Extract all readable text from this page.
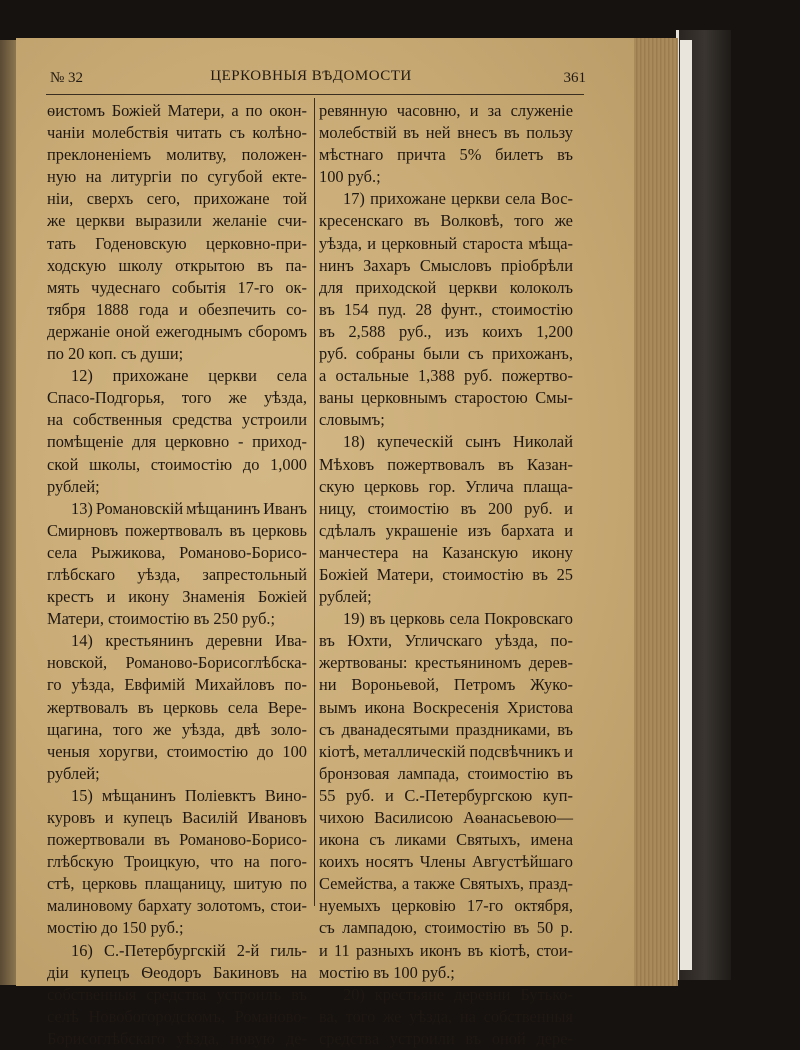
№ 32	ЦЕРКОВНЫЯ ВѢДОМОСТИ	361
ѳистомъ Божіей Матери, а по окон-
чаніи молебствія читать съ колѣно-
преклоненіемъ молитву, положен-
ную на литургіи по сугубой екте-
ніи, сверхъ сего, прихожане той
же церкви выразили желаніе счи-
тать Годеновскую церковно-при-
ходскую школу открытою въ па-
мять чудеснаго событія 17-го ок-
тября 1888 года и обезпечить со-
держаніе оной ежегоднымъ сборомъ
по 20 коп. съ души;
12) прихожане церкви села
Спасо-Подгорья, того же уѣзда,
на собственныя средства устроили
помѣщеніе для церковно - приход-
ской школы, стоимостію до 1,000
рублей;
13) Романовскій мѣщанинъ Иванъ
Смирновъ пожертвовалъ въ церковь
села Рыжикова, Романово-Борисо-
глѣбскаго уѣзда, запрестольный
крестъ и икону Знаменія Божіей
Матери, стоимостію въ 250 руб.;
14) крестьянинъ деревни Ива-
новской, Романово-Борисоглѣбска-
го уѣзда, Евфимій Михайловъ по-
жертвовалъ въ церковь села Вере-
щагина, того же уѣзда, двѣ золо-
ченыя хоругви, стоимостію до 100
рублей;
15) мѣщанинъ Поліевктъ Вино-
куровъ и купецъ Василій Ивановъ
пожертвовали въ Романово-Борисо-
глѣбскую Троицкую, что на пого-
стѣ, церковь плащаницу, шитую по
малиновому бархату золотомъ, стои-
мостію до 150 руб.;
16) С.-Петербургскій 2-й гиль-
діи купецъ Ѳеодоръ Бакиновъ на
собственныя средства устроилъ въ
селѣ Новобогородскомъ, Романово-
Борисоглѣбскаго уѣзда, новую де-
ревянную часовню, и за служеніе
молебствій въ ней внесъ въ пользу
мѣстнаго причта 5% билетъ въ
100 руб.;
17) прихожане церкви села Вос-
кресенскаго въ Волковѣ, того же
уѣзда, и церковный староста мѣща-
нинъ Захаръ Смысловъ пріобрѣли
для приходской церкви колоколъ
въ 154 пуд. 28 фунт., стоимостію
въ 2,588 руб., изъ коихъ 1,200
руб. собраны были съ прихожанъ,
а остальные 1,388 руб. пожертво-
ваны церковнымъ старостою Смы-
словымъ;
18) купеческій сынъ Николай
Мѣховъ пожертвовалъ въ Казан-
скую церковь гор. Углича плаща-
ницу, стоимостію въ 200 руб. и
сдѣлалъ украшеніе изъ бархата и
манчестера на Казанскую икону
Божіей Матери, стоимостію въ 25
рублей;
19) въ церковь села Покровскаго
въ Юхти, Угличскаго уѣзда, по-
жертвованы: крестьяниномъ дерев-
ни Вороньевой, Петромъ Жуко-
вымъ икона Воскресенія Христова
съ дванадесятыми праздниками, въ
кіотѣ, металлическій подсвѣчникъ и
бронзовая лампада, стоимостію въ
55 руб. и С.-Петербургскою куп-
чихою Василисою Аѳанасьевою—
икона съ ликами Святыхъ, имена
коихъ носятъ Члены Августѣйшаго
Семейства, а также Святыхъ, празд-
нуемыхъ церковію 17-го октября,
съ лампадою, стоимостію въ 50 р.
и 11 разныхъ иконъ въ кіотѣ, стои-
мостію въ 100 руб.;
20) крестьяне деревни Бутько-
ва, того же уѣзда, на собственныя
средства устроили въ оной дере-
